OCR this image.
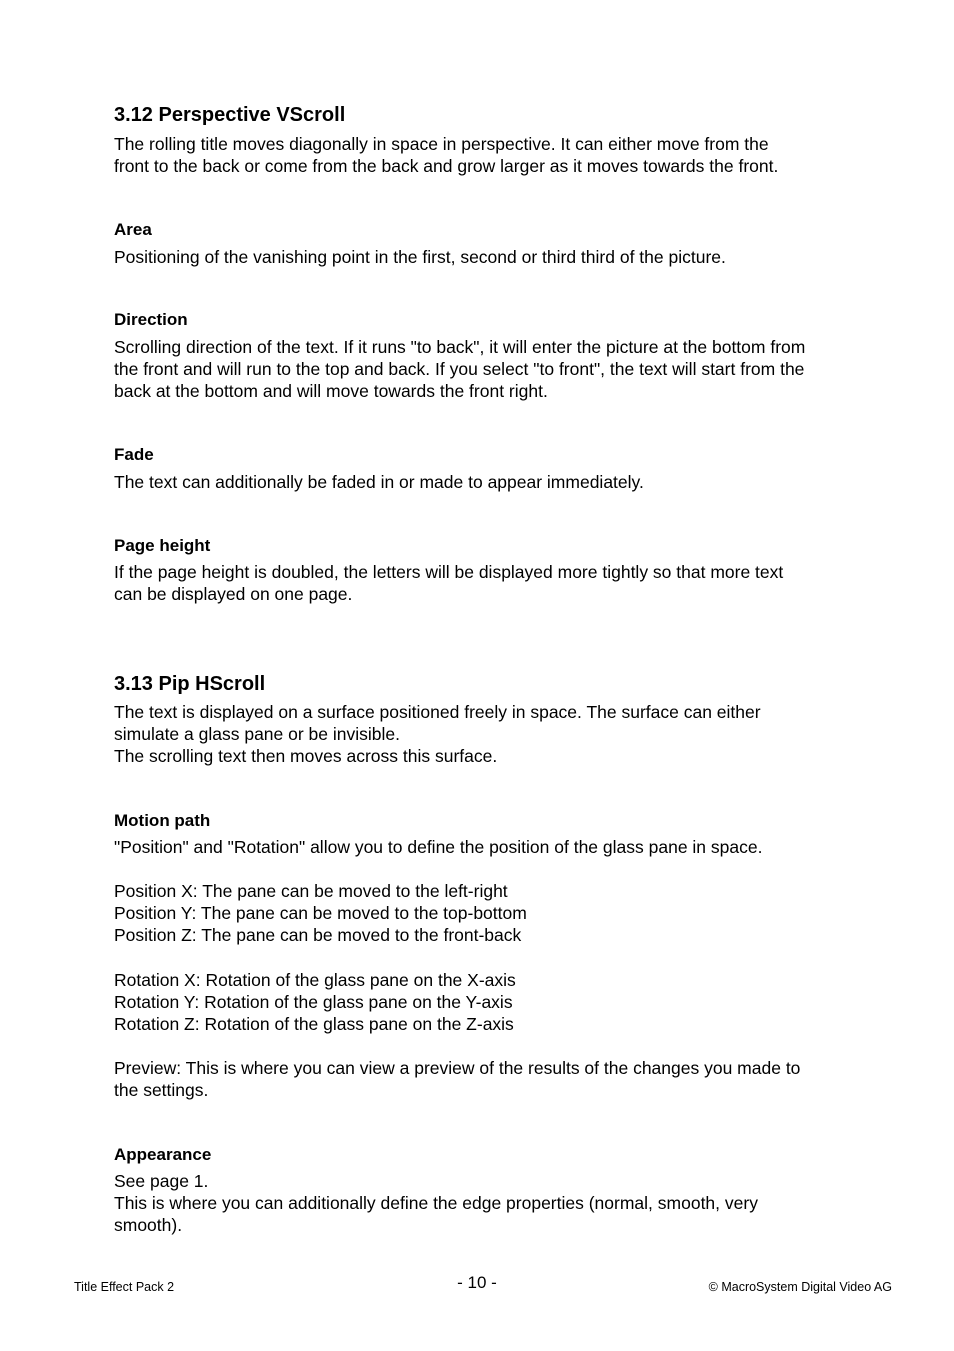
3.12 Perspective VScroll

The rolling title moves diagonally in space in perspective. It can either move from the

front to the back or come from the back and grow larger as it moves towards the front.

Area

Positioning of the vanishing point in the first, second or third third of the picture.

Direction

Scrolling direction of the text. If it runs "to back", it will enter the picture at the bottom from

the front and will run to the top and back. If you select "to front", the text will start from the

back at the bottom and will move towards the front right.

Fade

The text can additionally be faded in or made to appear immediately.

Page height

If the page height is doubled, the letters will be displayed more tightly so that more text

can be displayed on one page.

3.13 Pip HScroll

The text is displayed on a surface positioned freely in space. The surface can either

simulate a glass pane or be invisible.

The scrolling text then moves across this surface.

Motion path

"Position" and "Rotation" allow you to define the position of the glass pane in space.

Position X: The pane can be moved to the left-right

Position Y: The pane can be moved to the top-bottom

Position Z: The pane can be moved to the front-back

Rotation X: Rotation of the glass pane on the X-axis

Rotation Y: Rotation of the glass pane on the Y-axis

Rotation Z: Rotation of the glass pane on the Z-axis

Preview: This is where you can view a preview of the results of the changes you made to

the settings.

Appearance

See page 1.

This is where you can additionally define the edge properties (normal, smooth, very

smooth).

Title Effect Pack 2	- 10 -	© MacroSystem Digital Video AG
